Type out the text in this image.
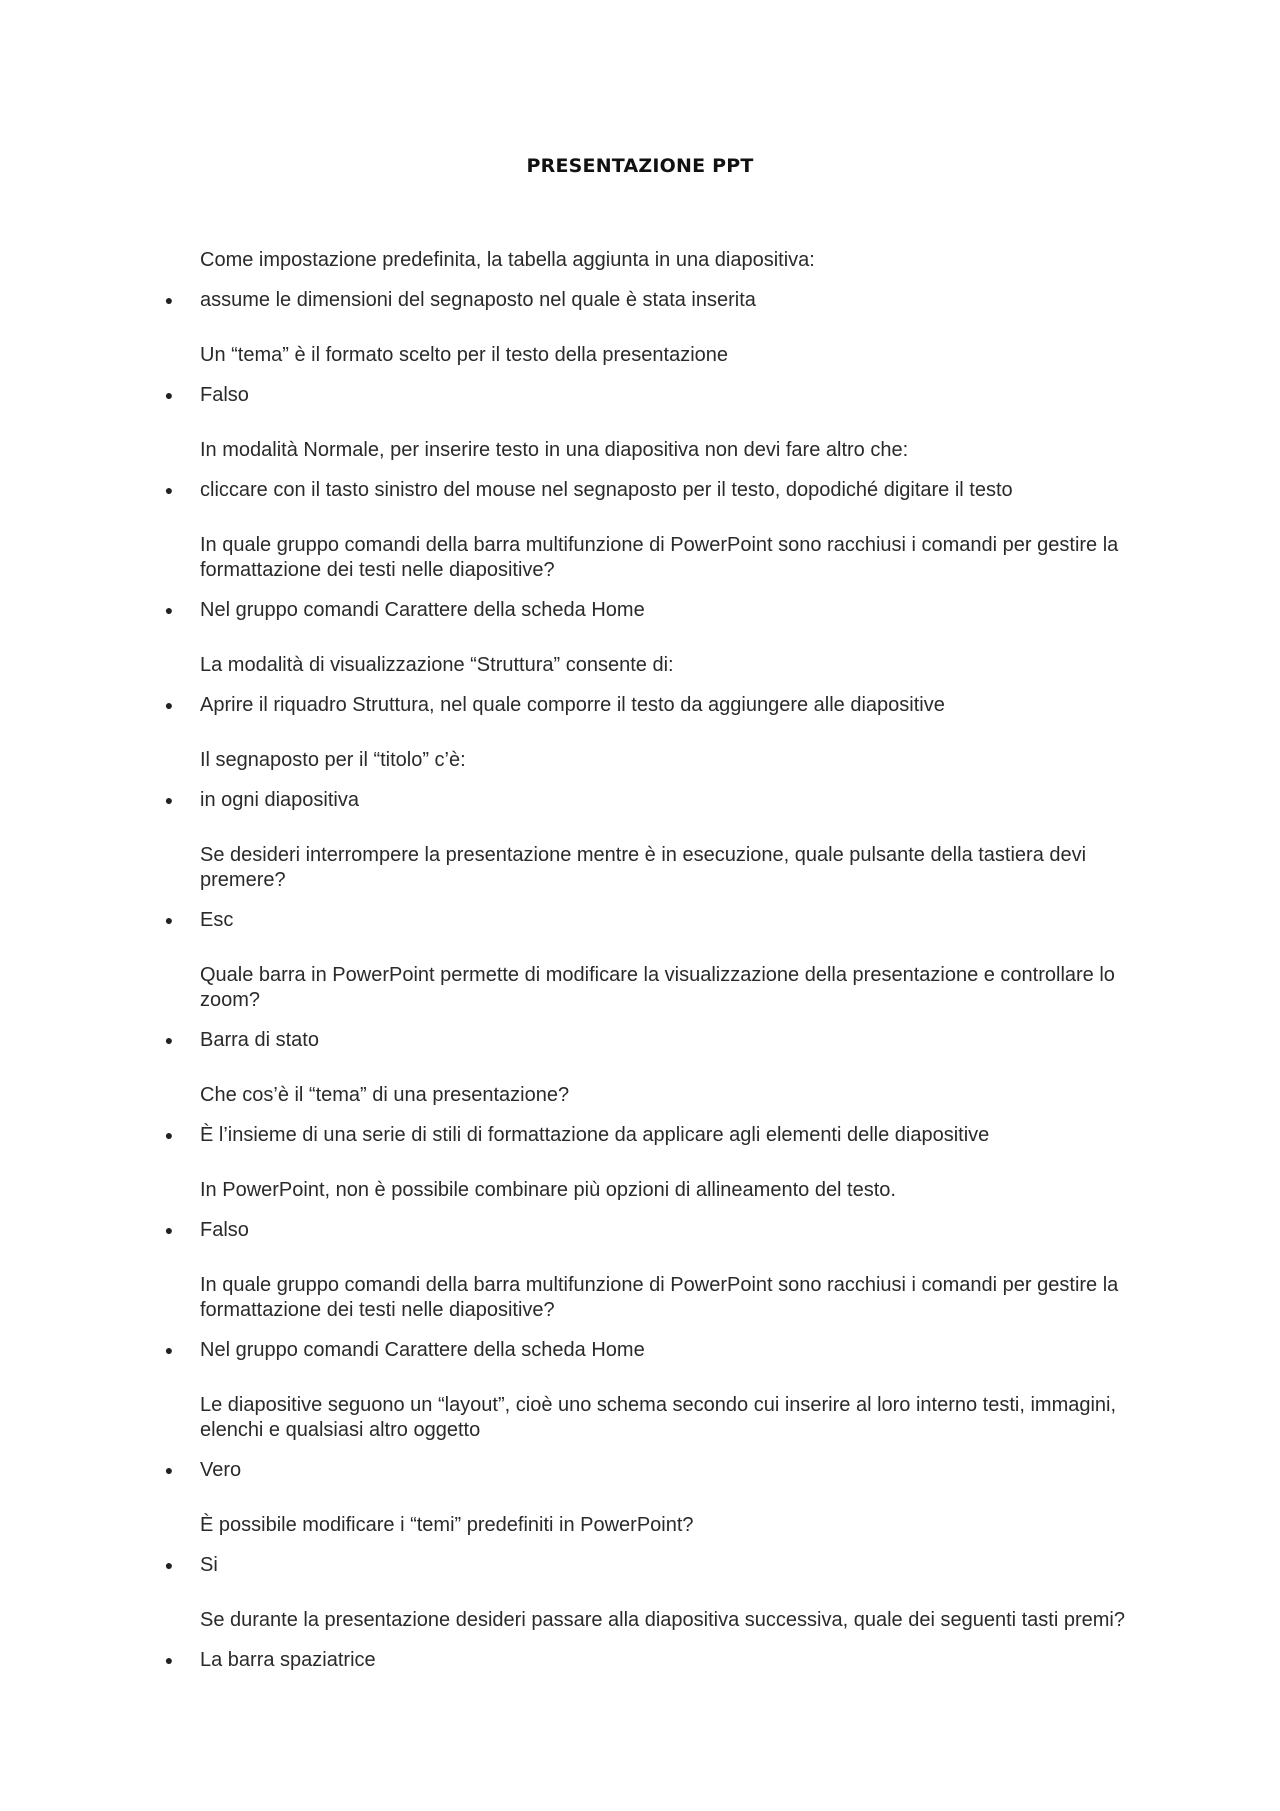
PRESENTAZIONE PPT

Come impostazione predefinita, la tabella aggiunta in una diapositiva:

● assume le dimensioni del segnaposto nel quale è stata inserita

Un “tema” è il formato scelto per il testo della presentazione

● Falso

In modalità Normale, per inserire testo in una diapositiva non devi fare altro che:

● cliccare con il tasto sinistro del mouse nel segnaposto per il testo, dopodiché digitare il testo

In quale gruppo comandi della barra multifunzione di PowerPoint sono racchiusi i comandi per gestire la formattazione dei testi nelle diapositive?

● Nel gruppo comandi Carattere della scheda Home

La modalità di visualizzazione “Struttura” consente di:

● Aprire il riquadro Struttura, nel quale comporre il testo da aggiungere alle diapositive

Il segnaposto per il “titolo” c’è:

● in ogni diapositiva

Se desideri interrompere la presentazione mentre è in esecuzione, quale pulsante della tastiera devi premere?

● Esc

Quale barra in PowerPoint permette di modificare la visualizzazione della presentazione e controllare lo zoom?

● Barra di stato

Che cos’è il “tema” di una presentazione?

● È l’insieme di una serie di stili di formattazione da applicare agli elementi delle diapositive

In PowerPoint, non è possibile combinare più opzioni di allineamento del testo.

● Falso

In quale gruppo comandi della barra multifunzione di PowerPoint sono racchiusi i comandi per gestire la formattazione dei testi nelle diapositive?

● Nel gruppo comandi Carattere della scheda Home

Le diapositive seguono un “layout”, cioè uno schema secondo cui inserire al loro interno testi, immagini, elenchi e qualsiasi altro oggetto

● Vero

È possibile modificare i “temi” predefiniti in PowerPoint?

● Si

Se durante la presentazione desideri passare alla diapositiva successiva, quale dei seguenti tasti premi?

● La barra spaziatrice
